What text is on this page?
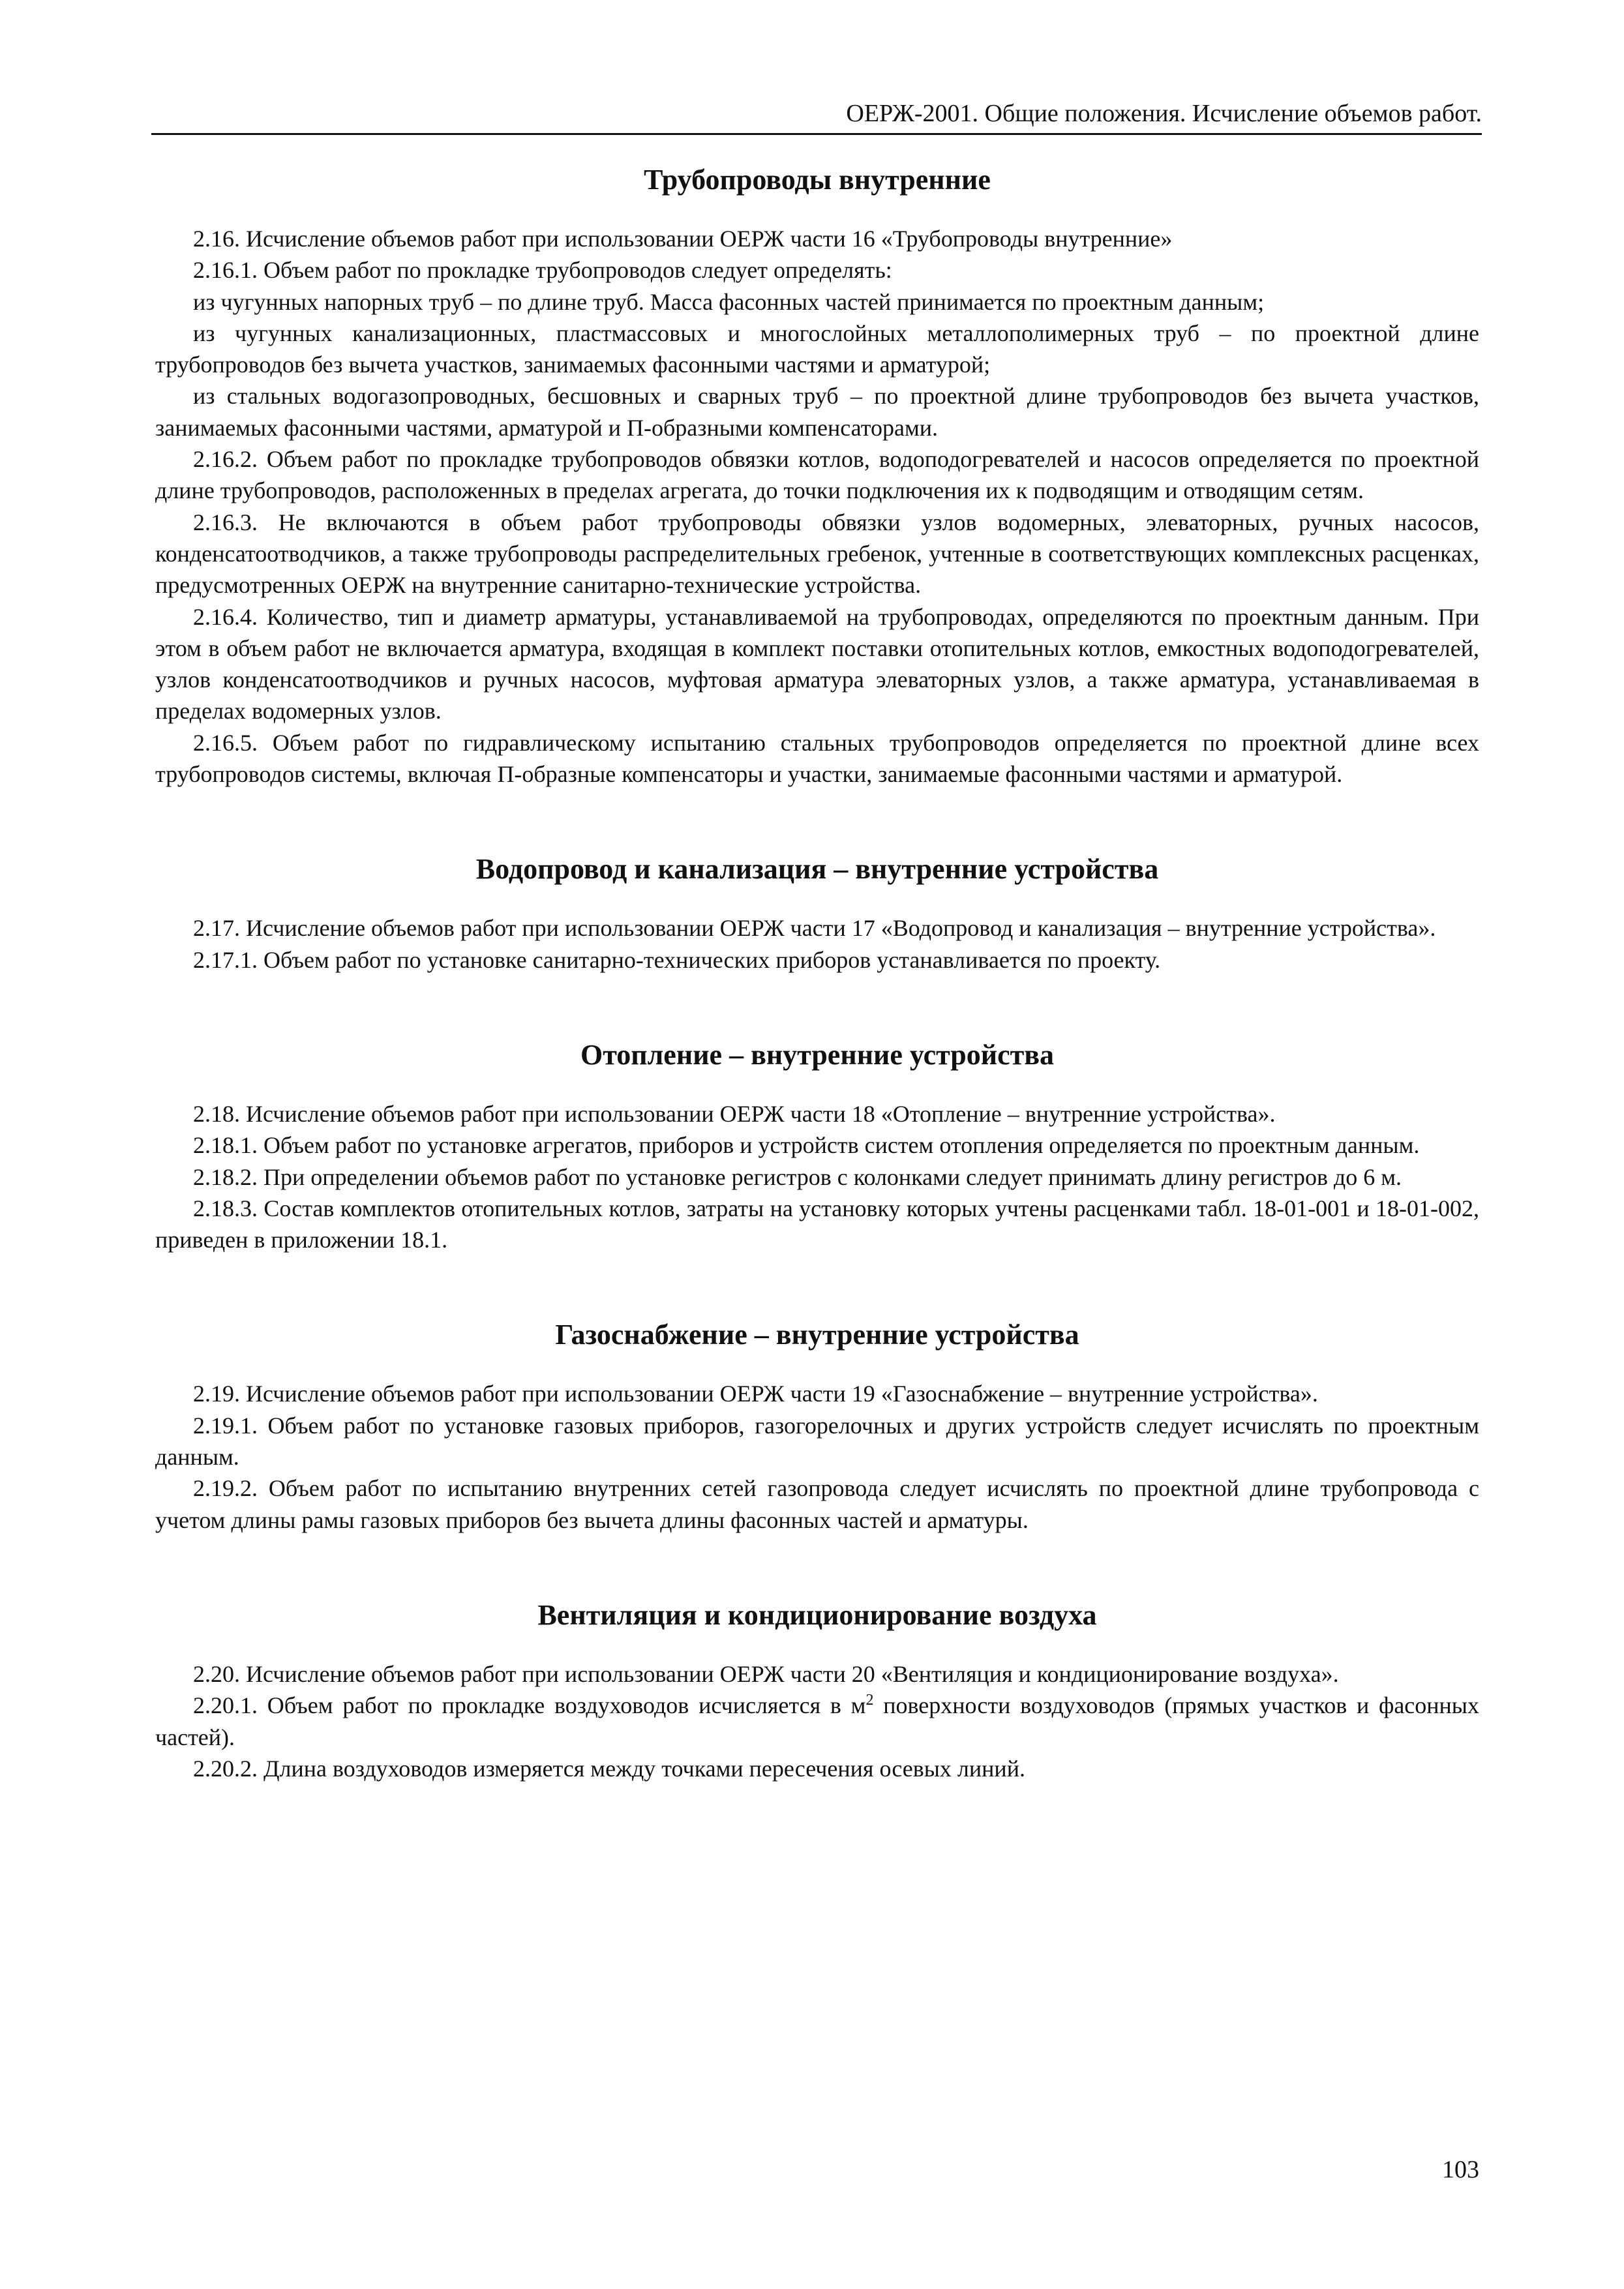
ОЕРЖ-2001. Общие положения. Исчисление объемов работ.
Трубопроводы внутренние

2.16. Исчисление объемов работ при использовании ОЕРЖ части 16 «Трубопроводы внутренние»

2.16.1. Объем работ по прокладке трубопроводов следует определять:

из чугунных напорных труб – по длине труб. Масса фасонных частей принимается по проектным данным;

из чугунных канализационных, пластмассовых и многослойных металлополимерных труб – по проектной длине трубопроводов без вычета участков, занимаемых фасонными частями и арматурой;

из стальных водогазопроводных, бесшовных и сварных труб – по проектной длине трубопроводов без вычета участков, занимаемых фасонными частями, арматурой и П-образными компенсаторами.

2.16.2. Объем работ по прокладке трубопроводов обвязки котлов, водоподогревателей и насосов определяется по проектной длине трубопроводов, расположенных в пределах агрегата, до точки подключения их к подводящим и отводящим сетям.

2.16.3. Не включаются в объем работ трубопроводы обвязки узлов водомерных, элеваторных, ручных насосов, конденсатоотводчиков, а также трубопроводы распределительных гребенок, учтенные в соответствующих комплексных расценках, предусмотренных ОЕРЖ на внутренние санитарно-технические устройства.

2.16.4. Количество, тип и диаметр арматуры, устанавливаемой на трубопроводах, определяются по проектным данным. При этом в объем работ не включается арматура, входящая в комплект поставки отопительных котлов, емкостных водоподогревателей, узлов конденсатоотводчиков и ручных насосов, муфтовая арматура элеваторных узлов, а также арматура, устанавливаемая в пределах водомерных узлов.

2.16.5. Объем работ по гидравлическому испытанию стальных трубопроводов определяется по проектной длине всех трубопроводов системы, включая П-образные компенсаторы и участки, занимаемые фасонными частями и арматурой.

Водопровод и канализация – внутренние устройства

2.17. Исчисление объемов работ при использовании ОЕРЖ части 17 «Водопровод и канализация – внутренние устройства».

2.17.1. Объем работ по установке санитарно-технических приборов устанавливается по проекту.

Отопление – внутренние устройства

2.18. Исчисление объемов работ при использовании ОЕРЖ части 18 «Отопление – внутренние устройства».

2.18.1. Объем работ по установке агрегатов, приборов и устройств систем отопления определяется по проектным данным.

2.18.2. При определении объемов работ по установке регистров с колонками следует принимать длину регистров до 6 м.

2.18.3. Состав комплектов отопительных котлов, затраты на установку которых учтены расценками табл. 18-01-001 и 18-01-002, приведен в приложении 18.1.

Газоснабжение – внутренние устройства

2.19. Исчисление объемов работ при использовании ОЕРЖ части 19 «Газоснабжение – внутренние устройства».

2.19.1. Объем работ по установке газовых приборов, газогорелочных и других устройств следует исчислять по проектным данным.

2.19.2. Объем работ по испытанию внутренних сетей газопровода следует исчислять по проектной длине трубопровода с учетом длины рамы газовых приборов без вычета длины фасонных частей и арматуры.

Вентиляция и кондиционирование воздуха

2.20. Исчисление объемов работ при использовании ОЕРЖ части 20 «Вентиляция и кондиционирование воздуха».

2.20.1. Объем работ по прокладке воздуховодов исчисляется в $м^2$ поверхности воздуховодов (прямых участков и фасонных частей).

2.20.2. Длина воздуховодов измеряется между точками пересечения осевых линий.

103
